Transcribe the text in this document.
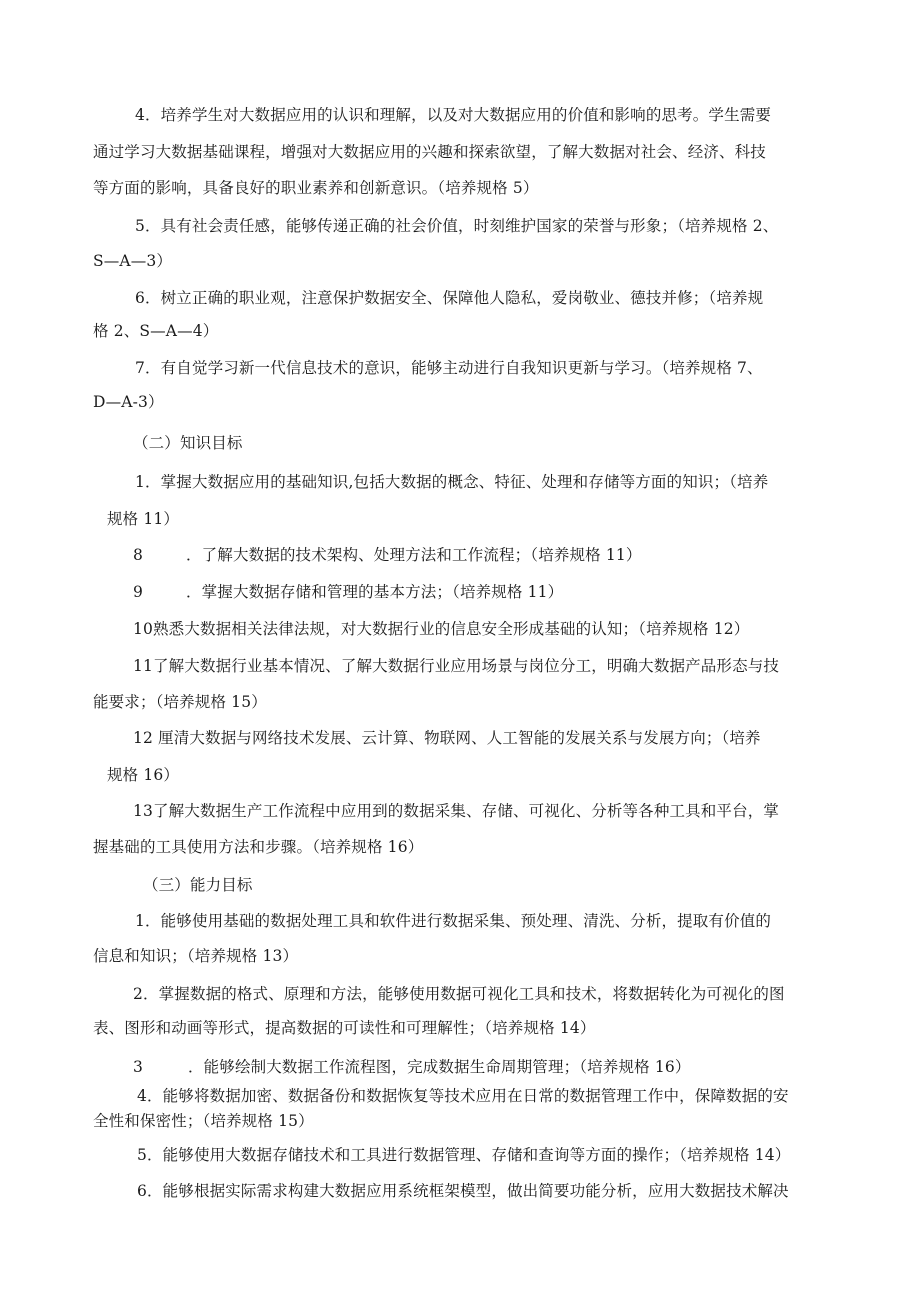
4．培养学生对大数据应用的认识和理解，以及对大数据应用的价值和影响的思考。学生需要
通过学习大数据基础课程，增强对大数据应用的兴趣和探索欲望，了解大数据对社会、经济、科技
等方面的影响，具备良好的职业素养和创新意识。（培养规格 5）
5．具有社会责任感，能够传递正确的社会价值，时刻维护国家的荣誉与形象；（培养规格 2、
S—A—3）
6．树立正确的职业观，注意保护数据安全、保障他人隐私，爱岗敬业、德技并修；（培养规
格 2、S—A—4）
7．有自觉学习新一代信息技术的意识，能够主动进行自我知识更新与学习。（培养规格 7、
D—A-3）
（二）知识目标
1．掌握大数据应用的基础知识,包括大数据的概念、特征、处理和存储等方面的知识；（培养
规格 11）
8	．了解大数据的技术架构、处理方法和工作流程；（培养规格 11）
9	．掌握大数据存储和管理的基本方法；（培养规格 11）
10熟悉大数据相关法律法规，对大数据行业的信息安全形成基础的认知；（培养规格 12）
11了解大数据行业基本情况、了解大数据行业应用场景与岗位分工，明确大数据产品形态与技
能要求；（培养规格 15）
12 厘清大数据与网络技术发展、云计算、物联网、人工智能的发展关系与发展方向；（培养
规格 16）
13了解大数据生产工作流程中应用到的数据采集、存储、可视化、分析等各种工具和平台，掌
握基础的工具使用方法和步骤。（培养规格 16）
（三）能力目标
1．能够使用基础的数据处理工具和软件进行数据采集、预处理、清洗、分析，提取有价值的
信息和知识；（培养规格 13）
2．掌握数据的格式、原理和方法，能够使用数据可视化工具和技术，将数据转化为可视化的图
表、图形和动画等形式，提高数据的可读性和可理解性；（培养规格 14）
3	．能够绘制大数据工作流程图，完成数据生命周期管理；（培养规格 16）
4．能够将数据加密、数据备份和数据恢复等技术应用在日常的数据管理工作中，保障数据的安
全性和保密性；（培养规格 15）
5．能够使用大数据存储技术和工具进行数据管理、存储和查询等方面的操作；（培养规格 14）
6．能够根据实际需求构建大数据应用系统框架模型，做出简要功能分析，应用大数据技术解决
